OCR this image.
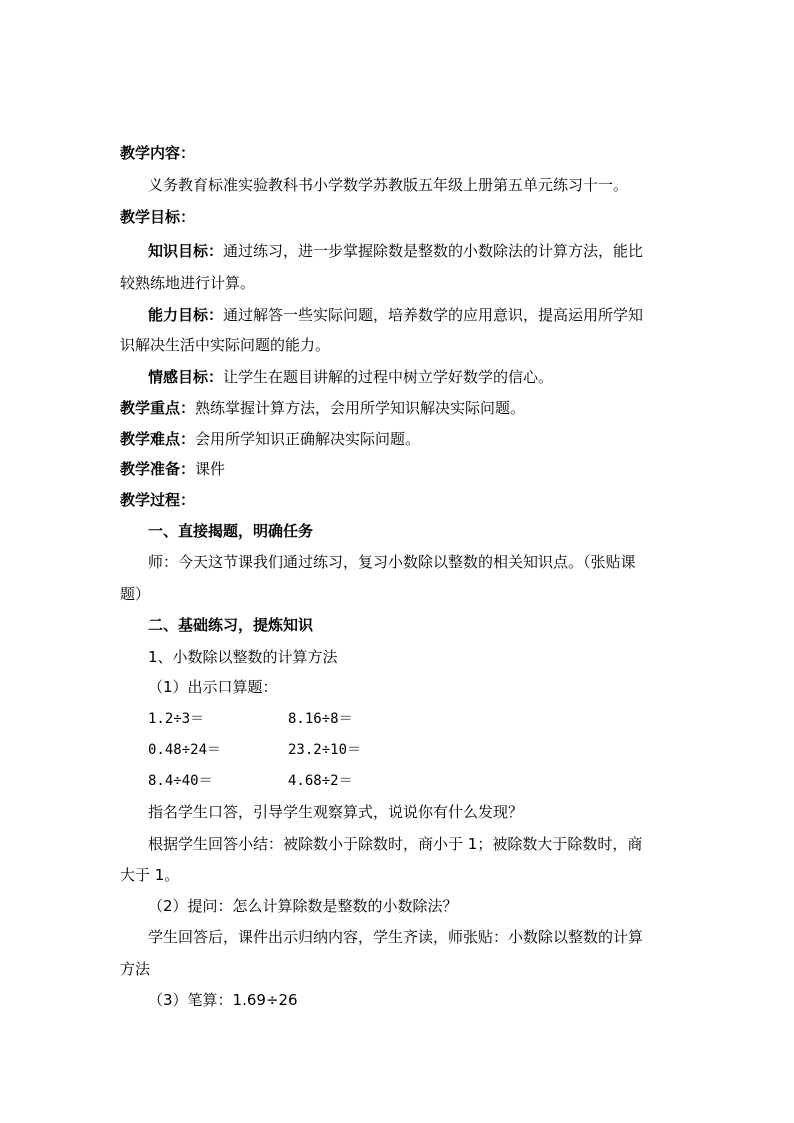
教学内容：
义务教育标准实验教科书小学数学苏教版五年级上册第五单元练习十一。
教学目标：
知识目标：通过练习，进一步掌握除数是整数的小数除法的计算方法，能比
较熟练地进行计算。
能力目标：通过解答一些实际问题，培养数学的应用意识，提高运用所学知
识解决生活中实际问题的能力。
情感目标：让学生在题目讲解的过程中树立学好数学的信心。
教学重点：熟练掌握计算方法，会用所学知识解决实际问题。
教学难点：会用所学知识正确解决实际问题。
教学准备：课件
教学过程：
一、直接揭题，明确任务
师：今天这节课我们通过练习，复习小数除以整数的相关知识点。（张贴课
题）
二、基础练习，提炼知识
1、小数除以整数的计算方法
（1）出示口算题：
1.2÷3＝	8.16÷8＝
0.48÷24＝	23.2÷10＝
8.4÷40＝	4.68÷2＝
指名学生口答，引导学生观察算式，说说你有什么发现？
根据学生回答小结：被除数小于除数时，商小于 1；被除数大于除数时，商
大于 1。
（2）提问：怎么计算除数是整数的小数除法？
学生回答后，课件出示归纳内容，学生齐读，师张贴：小数除以整数的计算
方法
（3）笔算：1.69÷26
